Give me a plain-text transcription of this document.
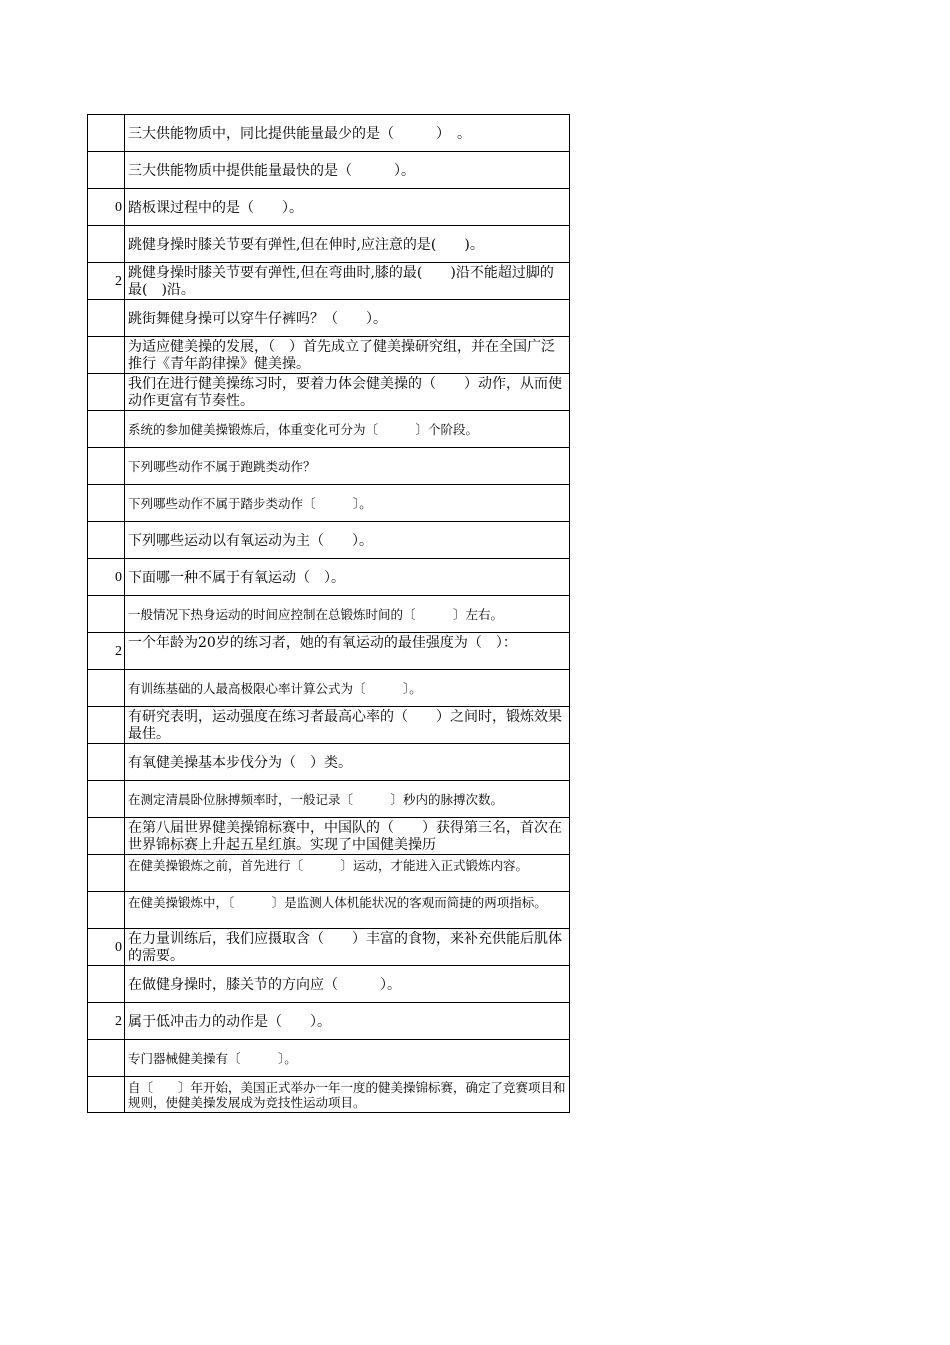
三大供能物质中，同比提供能量最少的是（　　　）　。
三大供能物质中提供能量最快的是（　　　）。
0 踏板课过程中的是（　　）。
跳健身操时膝关节要有弹性,但在伸时,应注意的是(　　)。
2
跳健身操时膝关节要有弹性,但在弯曲时,膝的最(　　)沿不能超过脚的最(　)沿。
跳街舞健身操可以穿牛仔裤吗？（　　）。
为适应健美操的发展，（　）首先成立了健美操研究组，并在全国广泛推行《青年韵律操》健美操。
我们在进行健美操练习时，要着力体会健美操的（　　）动作，从而使动作更富有节奏性。
系统的参加健美操锻炼后，体重变化可分为〔　　　〕个阶段。
下列哪些动作不属于跑跳类动作？
下列哪些动作不属于踏步类动作〔　　　〕。
下列哪些运动以有氧运动为主（　　）。
0 下面哪一种不属于有氧运动（　）。
一般情况下热身运动的时间应控制在总锻炼时间的〔　　　〕左右。
2
一个年龄为20岁的练习者，她的有氧运动的最佳强度为（　）：
有训练基础的人最高极限心率计算公式为〔　　　〕。
有研究表明，运动强度在练习者最高心率的（　　）之间时，锻炼效果最佳。
有氧健美操基本步伐分为（　）类。
在测定清晨卧位脉搏频率时，一般记录〔　　　〕秒内的脉搏次数。
在第八届世界健美操锦标赛中，中国队的（　　）获得第三名，首次在世界锦标赛上升起五星红旗。实现了中国健美操历
在健美操锻炼之前，首先进行〔　　　〕运动，才能进入正式锻炼内容。
在健美操锻炼中，〔　　　〕是监测人体机能状况的客观而简捷的两项指标。
0
在力量训练后，我们应摄取含（　　）丰富的食物，来补充供能后肌体的需要。
在做健身操时，膝关节的方向应（　　　）。
2 属于低冲击力的动作是（　　）。
专门器械健美操有〔　　　〕。
自〔　　〕年开始，美国正式举办一年一度的健美操锦标赛，确定了竞赛项目和规则，使健美操发展成为竞技性运动项目。
